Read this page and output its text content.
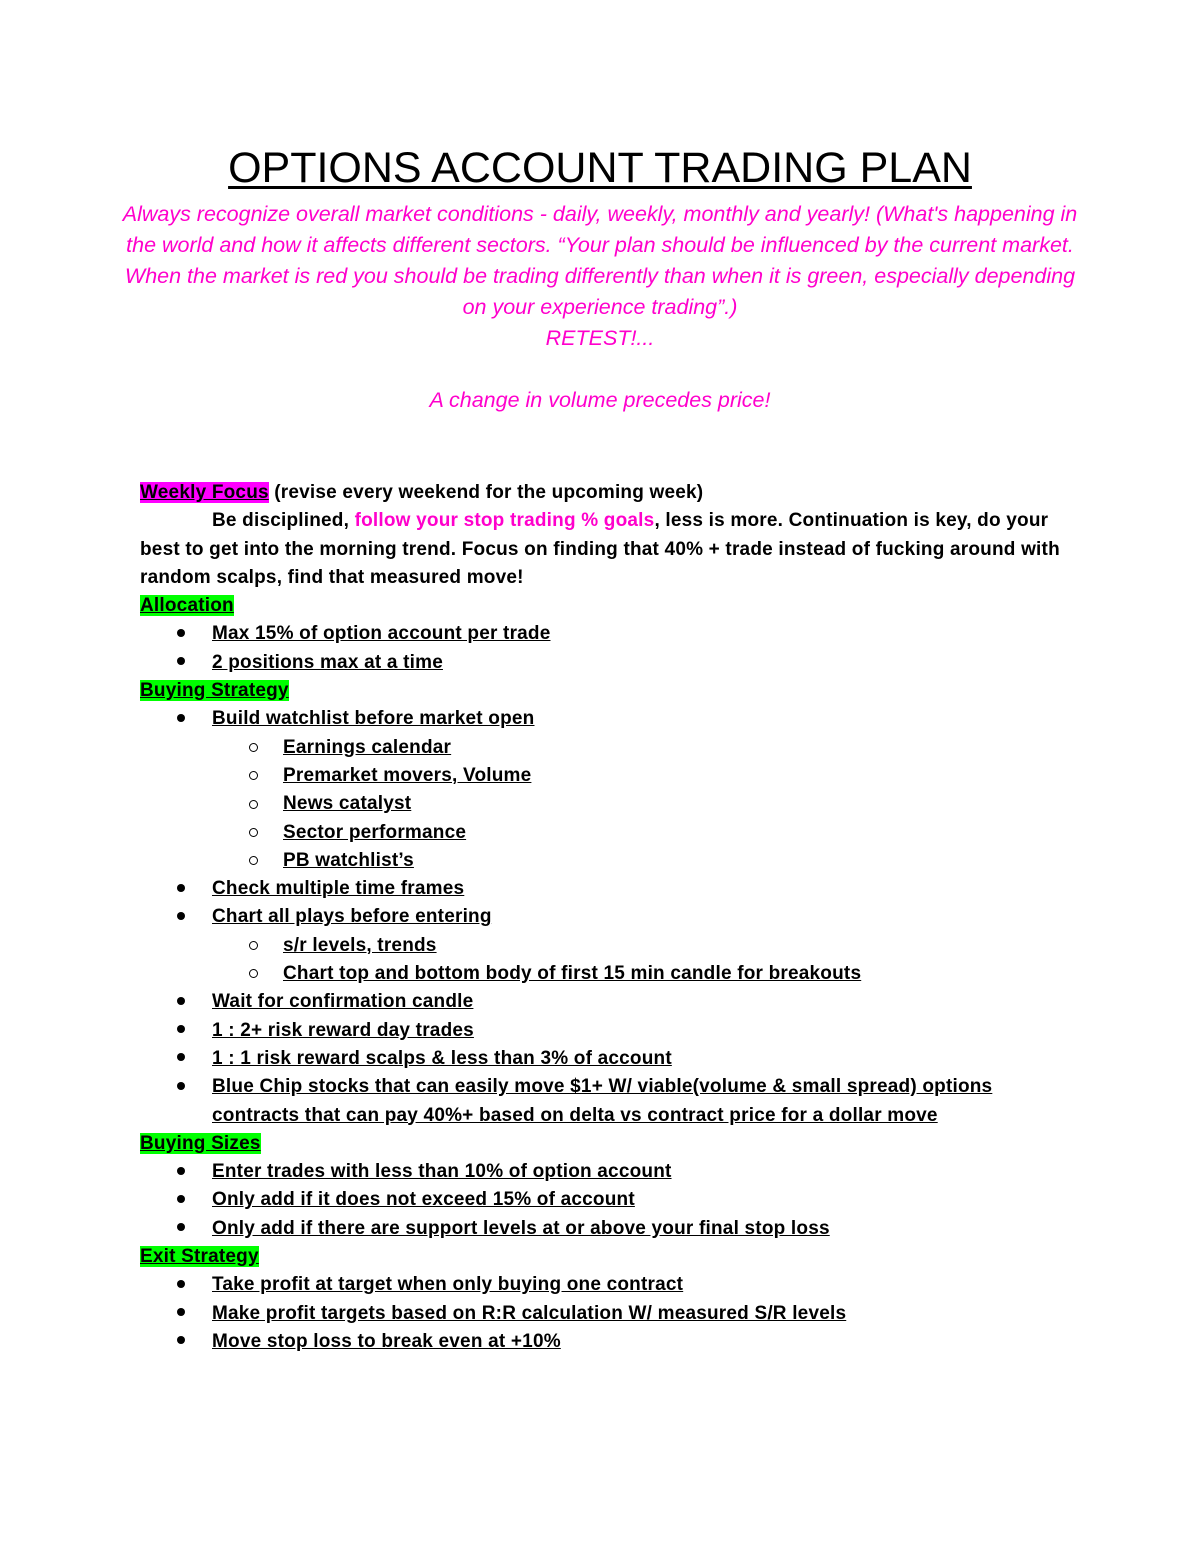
OPTIONS ACCOUNT TRADING PLAN

Always recognize overall market conditions - daily, weekly, monthly and yearly! (What's happening in the world and how it affects different sectors. “Your plan should be influenced by the current market. When the market is red you should be trading differently than when it is green, especially depending on your experience trading”.)

RETEST!...

A change in volume precedes price!

Weekly Focus (revise every weekend for the upcoming week)
Be disciplined, follow your stop trading % goals, less is more. Continuation is key, do your best to get into the morning trend. Focus on finding that 40% + trade instead of fucking around with random scalps, find that measured move!
Allocation
Max 15% of option account per trade
2 positions max at a time
Buying Strategy
Build watchlist before market open
Earnings calendar
Premarket movers, Volume
News catalyst
Sector performance
PB watchlist’s
Check multiple time frames
Chart all plays before entering
s/r levels, trends
Chart top and bottom body of first 15 min candle for breakouts
Wait for confirmation candle
1 : 2+ risk reward day trades
1 : 1 risk reward scalps & less than 3% of account
Blue Chip stocks that can easily move $1+ W/ viable(volume & small spread) options contracts that can pay 40%+ based on delta vs contract price for a dollar move
Buying Sizes
Enter trades with less than 10% of option account
Only add if it does not exceed 15% of account
Only add if there are support levels at or above your final stop loss
Exit Strategy
Take profit at target when only buying one contract
Make profit targets based on R:R calculation W/ measured S/R levels
Move stop loss to break even at +10%
